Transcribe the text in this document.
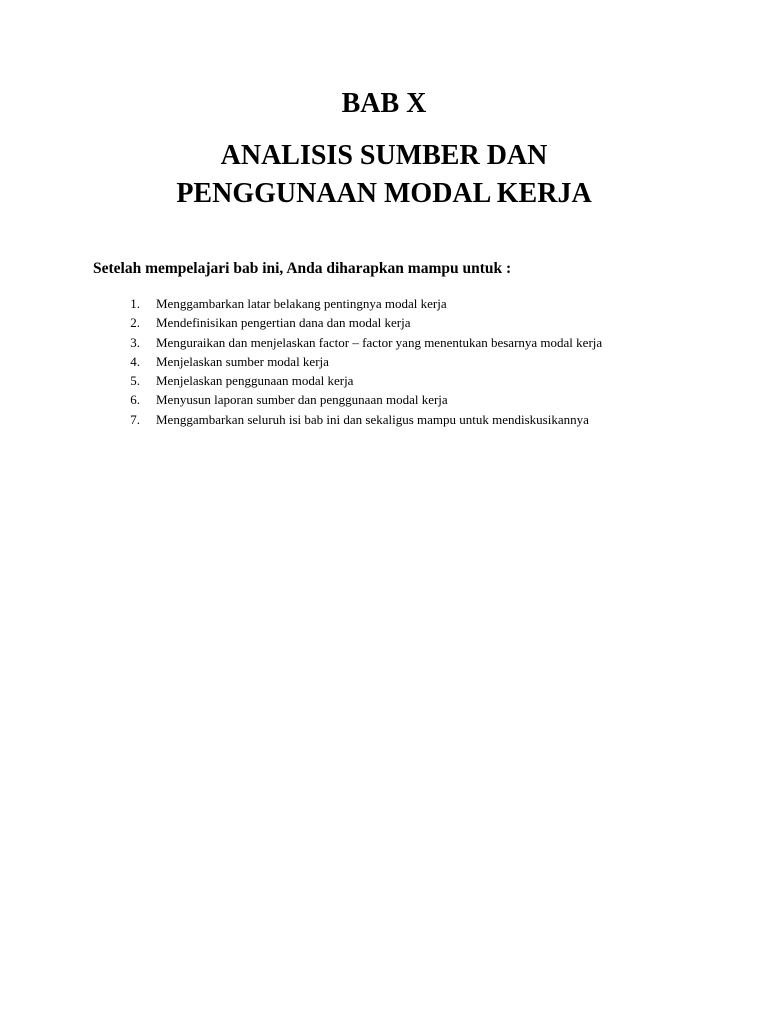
BAB X
ANALISIS SUMBER DAN
PENGGUNAAN MODAL KERJA

Setelah mempelajari bab ini, Anda diharapkan mampu untuk :

1. Menggambarkan latar belakang pentingnya modal kerja
2. Mendefinisikan pengertian dana dan modal kerja
3. Menguraikan dan menjelaskan factor – factor yang menentukan besarnya modal kerja
4. Menjelaskan sumber modal kerja
5. Menjelaskan penggunaan modal kerja
6. Menyusun laporan sumber dan penggunaan modal kerja
7. Menggambarkan seluruh isi bab ini dan sekaligus mampu untuk mendiskusikannya
